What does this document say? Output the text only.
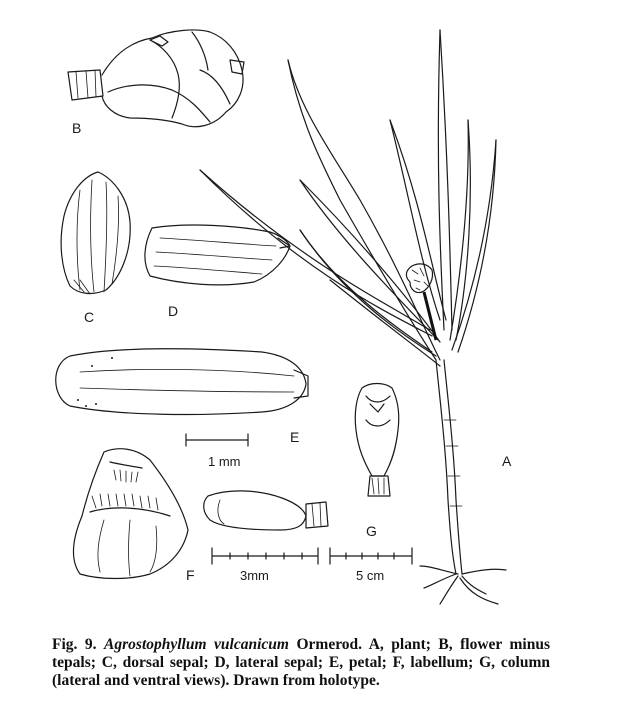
B
C	D
E
F
G
A
1 mm
3mm	5 cm
Fig. 9. Agrostophyllum vulcanicum Ormerod. A, plant; B, flower minus tepals; C, dorsal sepal; D, lateral sepal; E, petal; F, labellum; G, column (lateral and ventral views). Drawn from holotype.
